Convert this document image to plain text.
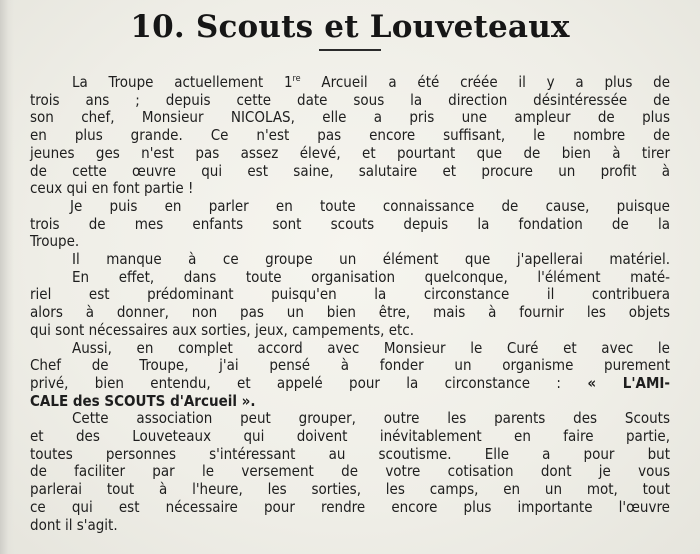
10. Scouts et Louveteaux
La Troupe actuellement 1re Arcueil a été créée il y a plus de
trois ans ; depuis cette date sous la direction désintéressée de
son chef, Monsieur NICOLAS, elle a pris une ampleur de plus
en plus grande. Ce n'est pas encore suffisant, le nombre de
jeunes ges n'est pas assez élevé, et pourtant que de bien à tirer
de cette œuvre qui est saine, salutaire et procure un profit à
ceux qui en font partie !
Je puis en parler en toute connaissance de cause, puisque
trois de mes enfants sont scouts depuis la fondation de la
Troupe.
Il manque à ce groupe un élément que j'apellerai matériel.
En effet, dans toute organisation quelconque, l'élément maté-
riel est prédominant puisqu'en la circonstance il contribuera
alors à donner, non pas un bien être, mais à fournir les objets
qui sont nécessaires aux sorties, jeux, campements, etc.
Aussi, en complet accord avec Monsieur le Curé et avec le
Chef de Troupe, j'ai pensé à fonder un organisme purement
privé, bien entendu, et appelé pour la circonstance : « L'AMI-
CALE des SCOUTS d'Arcueil ».
Cette association peut grouper, outre les parents des Scouts
et des Louveteaux qui doivent inévitablement en faire partie,
toutes personnes s'intéressant au scoutisme. Elle a pour but
de faciliter par le versement de votre cotisation dont je vous
parlerai tout à l'heure, les sorties, les camps, en un mot, tout
ce qui est nécessaire pour rendre encore plus importante l'œuvre
dont il s'agit.
